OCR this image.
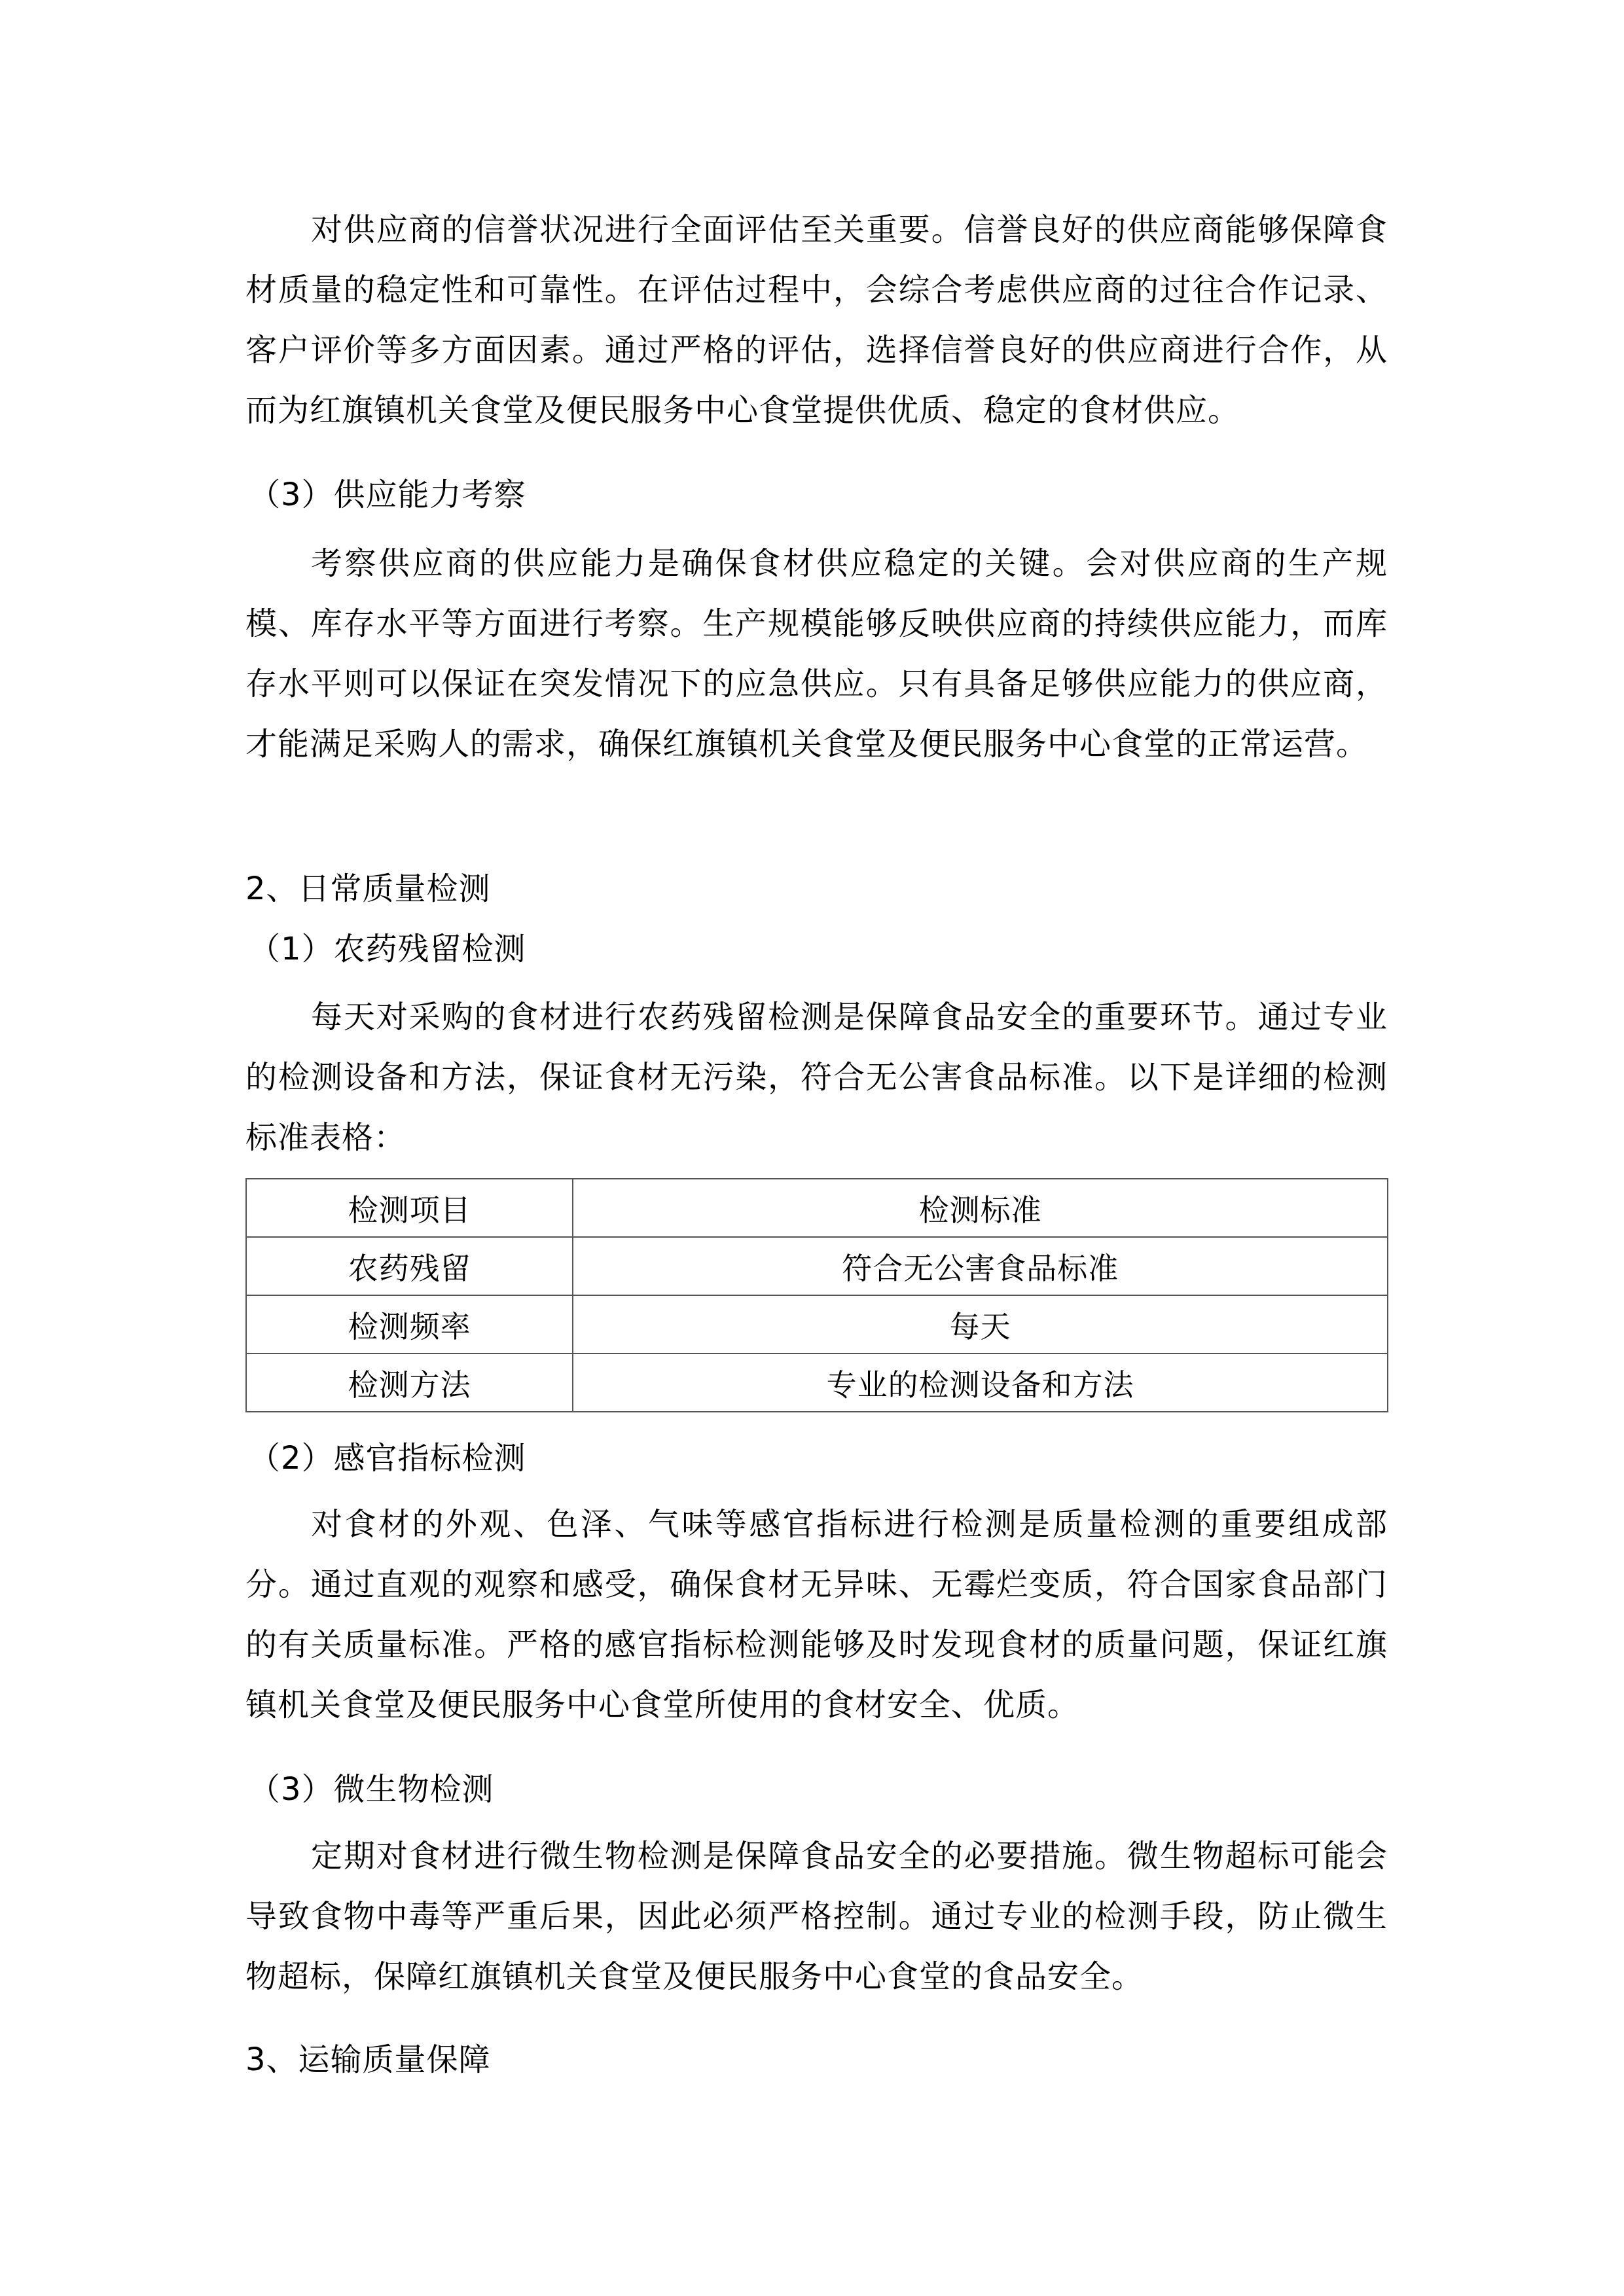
对供应商的信誉状况进行全面评估至关重要。信誉良好的供应商能够保障食材质量的稳定性和可靠性。在评估过程中，会综合考虑供应商的过往合作记录、客户评价等多方面因素。通过严格的评估，选择信誉良好的供应商进行合作，从而为红旗镇机关食堂及便民服务中心食堂提供优质、稳定的食材供应。

（3）供应能力考察

考察供应商的供应能力是确保食材供应稳定的关键。会对供应商的生产规模、库存水平等方面进行考察。生产规模能够反映供应商的持续供应能力，而库存水平则可以保证在突发情况下的应急供应。只有具备足够供应能力的供应商，才能满足采购人的需求，确保红旗镇机关食堂及便民服务中心食堂的正常运营。

2、日常质量检测
（1）农药残留检测

每天对采购的食材进行农药残留检测是保障食品安全的重要环节。通过专业的检测设备和方法，保证食材无污染，符合无公害食品标准。以下是详细的检测标准表格：

检测项目	检测标准
农药残留	符合无公害食品标准
检测频率	每天
检测方法	专业的检测设备和方法
（2）感官指标检测

对食材的外观、色泽、气味等感官指标进行检测是质量检测的重要组成部分。通过直观的观察和感受，确保食材无异味、无霉烂变质，符合国家食品部门的有关质量标准。严格的感官指标检测能够及时发现食材的质量问题，保证红旗镇机关食堂及便民服务中心食堂所使用的食材安全、优质。

（3）微生物检测

定期对食材进行微生物检测是保障食品安全的必要措施。微生物超标可能会导致食物中毒等严重后果，因此必须严格控制。通过专业的检测手段，防止微生物超标，保障红旗镇机关食堂及便民服务中心食堂的食品安全。

3、运输质量保障
